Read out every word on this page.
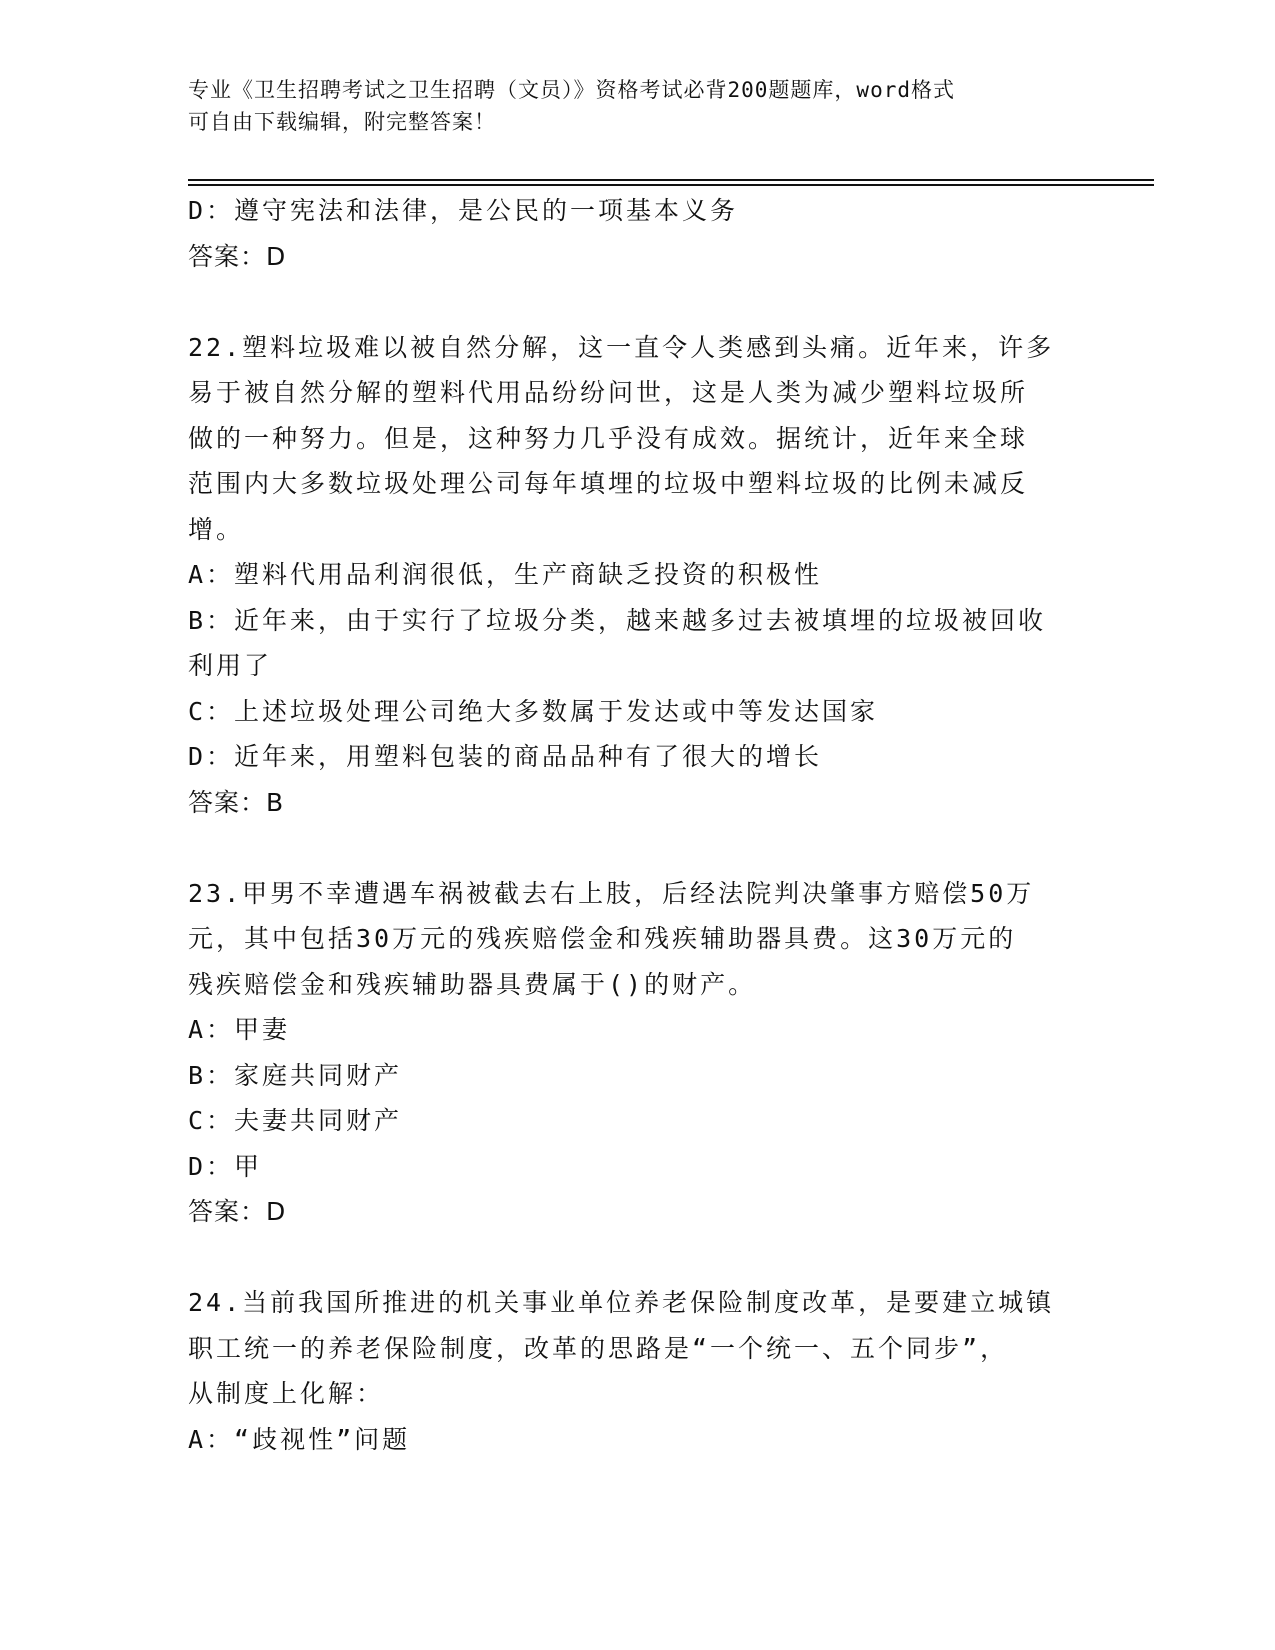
专业《卫生招聘考试之卫生招聘（文员）》资格考试必背200题题库，word格式
可自由下载编辑，附完整答案！
D：遵守宪法和法律，是公民的一项基本义务
答案：D
22.塑料垃圾难以被自然分解，这一直令人类感到头痛。近年来，许多
易于被自然分解的塑料代用品纷纷问世，这是人类为减少塑料垃圾所
做的一种努力。但是，这种努力几乎没有成效。据统计，近年来全球
范围内大多数垃圾处理公司每年填埋的垃圾中塑料垃圾的比例未减反
增。
A：塑料代用品利润很低，生产商缺乏投资的积极性
B：近年来，由于实行了垃圾分类，越来越多过去被填埋的垃圾被回收
利用了
C：上述垃圾处理公司绝大多数属于发达或中等发达国家
D：近年来，用塑料包装的商品品种有了很大的增长
答案：B
23.甲男不幸遭遇车祸被截去右上肢，后经法院判决肇事方赔偿50万
元，其中包括30万元的残疾赔偿金和残疾辅助器具费。这30万元的
残疾赔偿金和残疾辅助器具费属于()的财产。
A：甲妻
B：家庭共同财产
C：夫妻共同财产
D：甲
答案：D
24.当前我国所推进的机关事业单位养老保险制度改革，是要建立城镇
职工统一的养老保险制度，改革的思路是“一个统一、五个同步”，
从制度上化解：
A：“歧视性”问题
